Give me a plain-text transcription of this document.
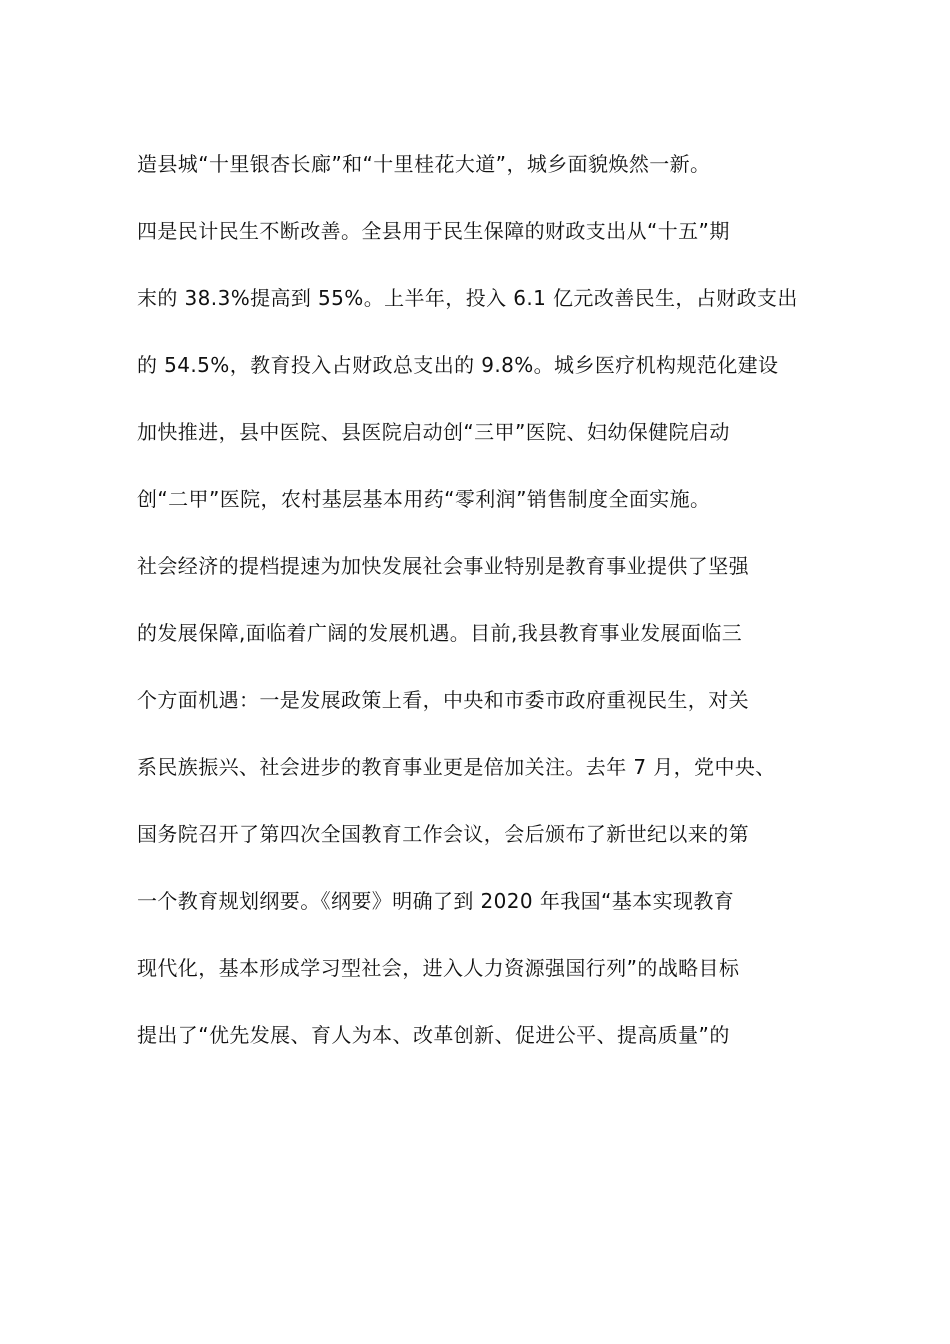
造县城“十里银杏长廊”和“十里桂花大道”，城乡面貌焕然一新。
四是民计民生不断改善。全县用于民生保障的财政支出从“十五”期
末的 38.3%提高到 55%。上半年，投入 6.1 亿元改善民生，占财政支出
的 54.5%，教育投入占财政总支出的 9.8%。城乡医疗机构规范化建设
加快推进，县中医院、县医院启动创“三甲”医院、妇幼保健院启动
创“二甲”医院，农村基层基本用药“零利润”销售制度全面实施。
社会经济的提档提速为加快发展社会事业特别是教育事业提供了坚强
的发展保障,面临着广阔的发展机遇。目前,我县教育事业发展面临三
个方面机遇：一是发展政策上看，中央和市委市政府重视民生，对关
系民族振兴、社会进步的教育事业更是倍加关注。去年 7 月，党中央、
国务院召开了第四次全国教育工作会议，会后颁布了新世纪以来的第
一个教育规划纲要。《纲要》明确了到 2020 年我国“基本实现教育
现代化，基本形成学习型社会，进入人力资源强国行列”的战略目标
提出了“优先发展、育人为本、改革创新、促进公平、提高质量”的
